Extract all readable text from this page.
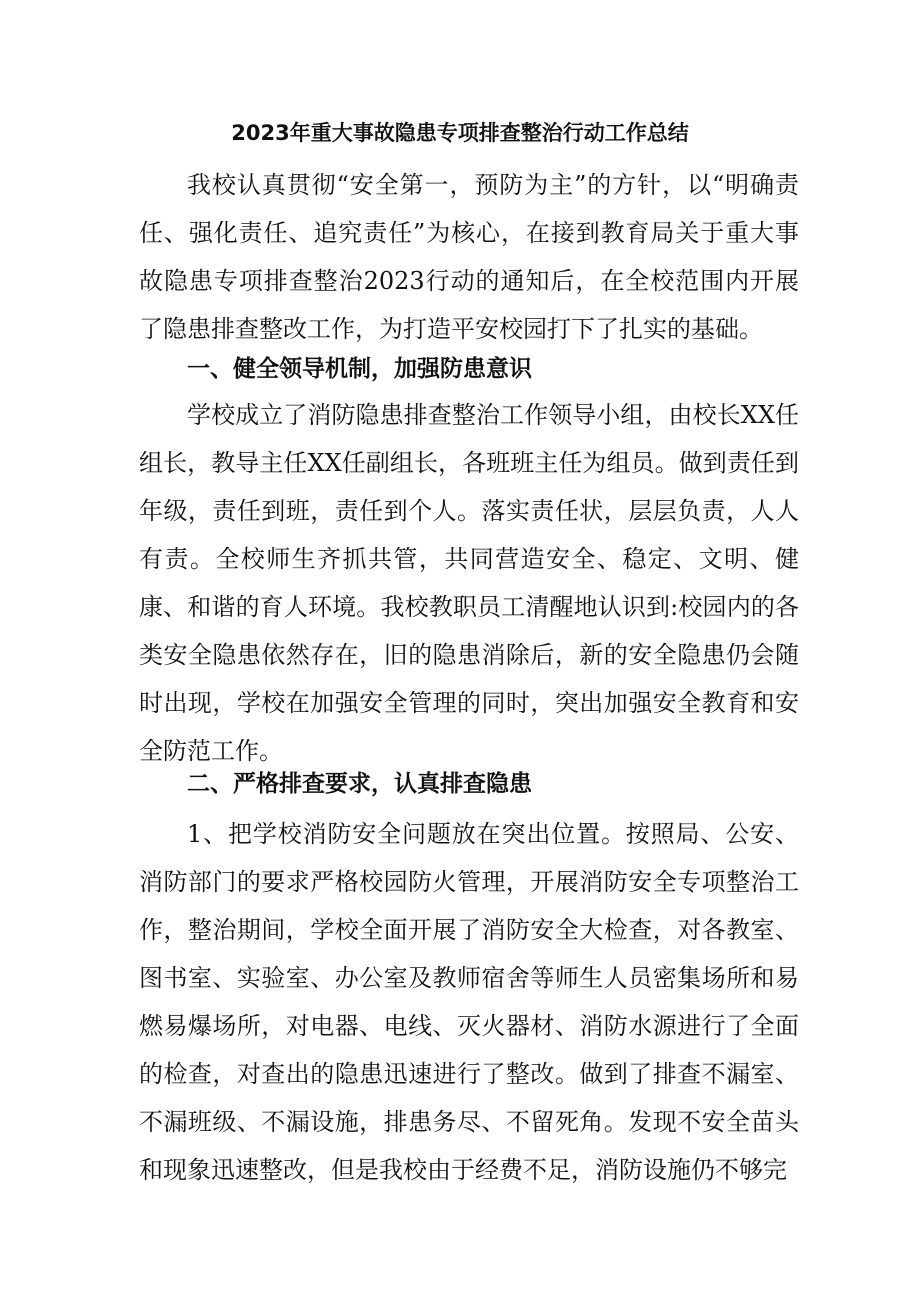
2023年重大事故隐患专项排查整治行动工作总结

我校认真贯彻“安全第一，预防为主”的方针，以“明确责任、强化责任、追究责任”为核心，在接到教育局关于重大事故隐患专项排查整治2023行动的通知后，在全校范围内开展了隐患排查整改工作，为打造平安校园打下了扎实的基础。

一、健全领导机制，加强防患意识

学校成立了消防隐患排查整治工作领导小组，由校长XX任组长，教导主任XX任副组长，各班班主任为组员。做到责任到年级，责任到班，责任到个人。落实责任状，层层负责，人人有责。全校师生齐抓共管，共同营造安全、稳定、文明、健康、和谐的育人环境。我校教职员工清醒地认识到:校园内的各类安全隐患依然存在，旧的隐患消除后，新的安全隐患仍会随时出现，学校在加强安全管理的同时，突出加强安全教育和安全防范工作。

二、严格排查要求，认真排查隐患

1、把学校消防安全问题放在突出位置。按照局、公安、消防部门的要求严格校园防火管理，开展消防安全专项整治工作，整治期间，学校全面开展了消防安全大检查，对各教室、图书室、实验室、办公室及教师宿舍等师生人员密集场所和易燃易爆场所，对电器、电线、灭火器材、消防水源进行了全面的检查，对查出的隐患迅速进行了整改。做到了排查不漏室、不漏班级、不漏设施，排患务尽、不留死角。发现不安全苗头和现象迅速整改，但是我校由于经费不足，消防设施仍不够完
